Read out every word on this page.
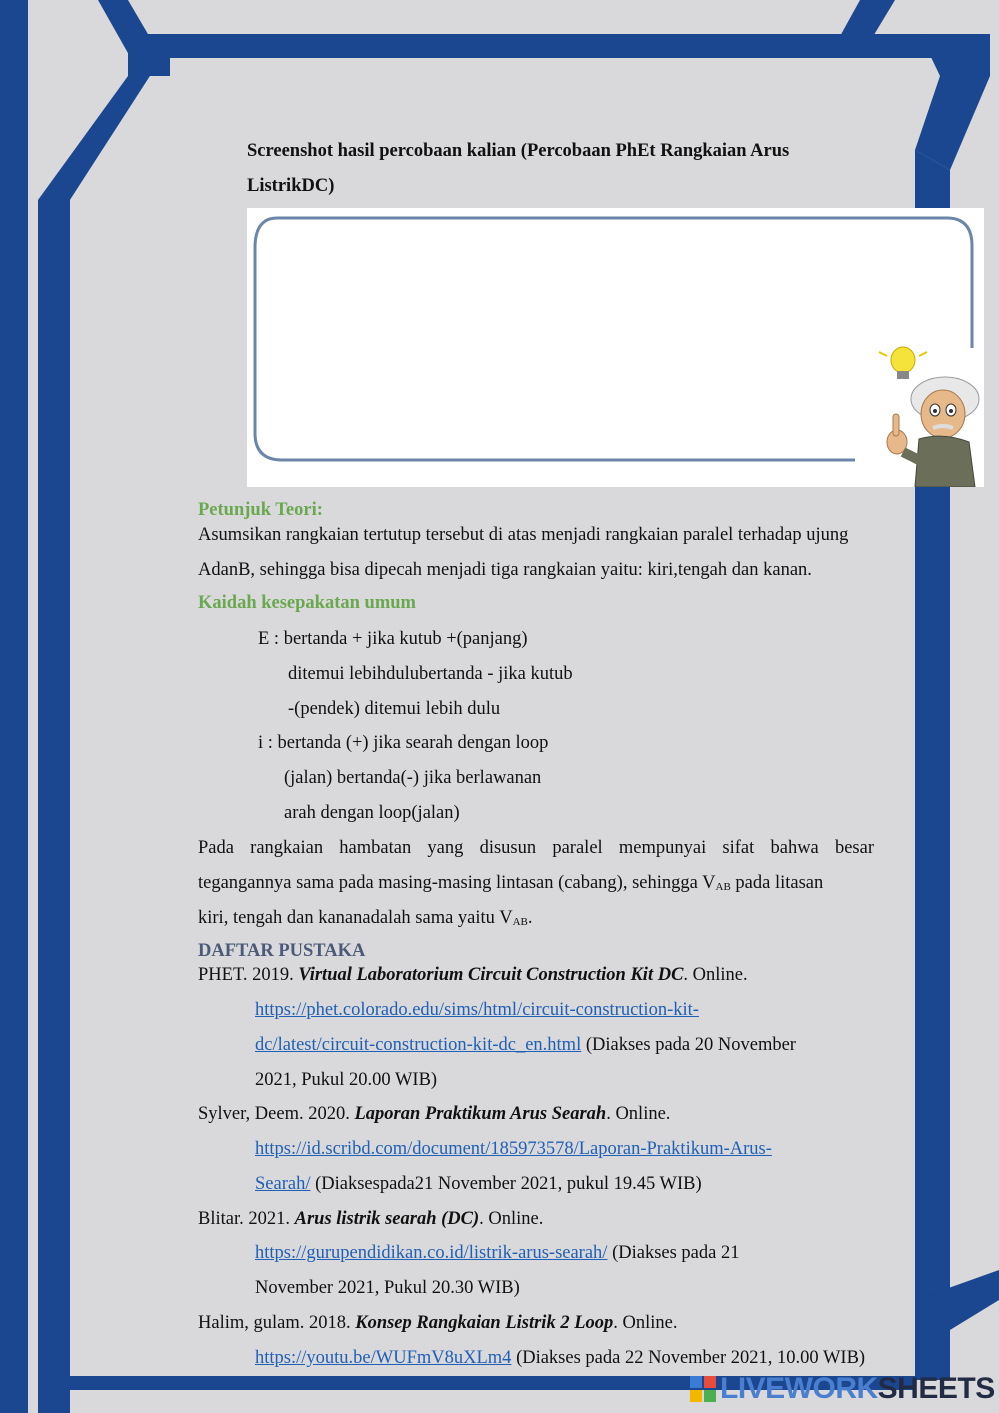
Screenshot hasil percobaan kalian (Percobaan PhEt Rangkaian Arus
ListrikDC)
Petunjuk Teori:
Asumsikan rangkaian tertutup tersebut di atas menjadi rangkaian paralel terhadap ujung
AdanB, sehingga bisa dipecah menjadi tiga rangkaian yaitu: kiri,tengah dan kanan.
Kaidah kesepakatan umum
E : bertanda + jika kutub +(panjang)
ditemui lebihdulubertanda - jika kutub
-(pendek) ditemui lebih dulu
i : bertanda (+) jika searah dengan loop
(jalan) bertanda(-) jika berlawanan
arah dengan loop(jalan)
Pada rangkaian hambatan yang disusun paralel mempunyai sifat bahwa besar
tegangannya sama pada masing-masing lintasan (cabang), sehingga $V_{AB}$ pada litasan
kiri, tengah dan kananadalah sama yaitu $V_{AB}$.
DAFTAR PUSTAKA
PHET. 2019. Virtual Laboratorium Circuit Construction Kit DC. Online.
https://phet.colorado.edu/sims/html/circuit-construction-kit-
dc/latest/circuit-construction-kit-dc_en.html (Diakses pada 20 November
2021, Pukul 20.00 WIB)
Sylver, Deem. 2020. Laporan Praktikum Arus Searah. Online.
https://id.scribd.com/document/185973578/Laporan-Praktikum-Arus-
Searah/ (Diaksespada21 November 2021, pukul 19.45 WIB)
Blitar. 2021. Arus listrik searah (DC). Online.
https://gurupendidikan.co.id/listrik-arus-searah/ (Diakses pada 21
November 2021, Pukul 20.30 WIB)
Halim, gulam. 2018. Konsep Rangkaian Listrik 2 Loop. Online.
https://youtu.be/WUFmV8uXLm4 (Diakses pada 22 November 2021, 10.00 WIB)
LIVEWORK SHEETS
